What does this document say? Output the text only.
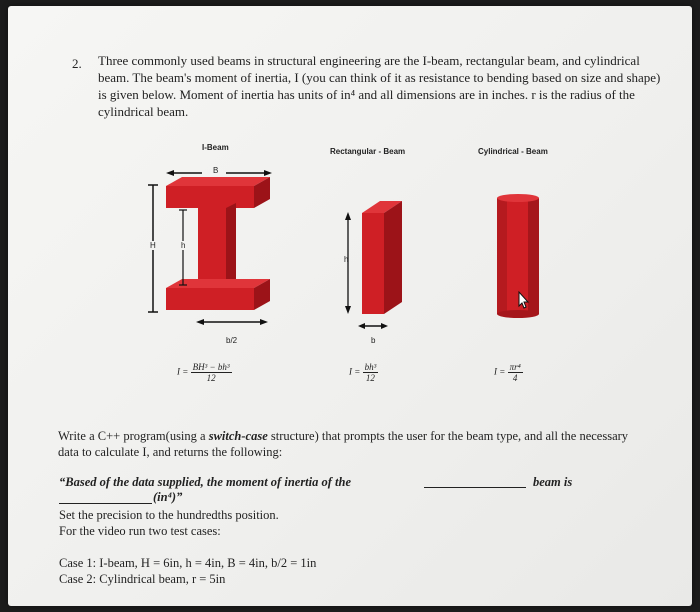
2. Three commonly used beams in structural engineering are the I-beam, rectangular beam, and cylindrical beam. The beam's moment of inertia, I (you can think of it as resistance to bending based on size and shape) is given below. Moment of inertia has units of in⁴ and all dimensions are in inches. r is the radius of the cylindrical beam.
I-Beam	Rectangular - Beam	Cylindrical - Beam
B
H	h
b/2
h
b
$I = \frac{\text{BH³ − bh³}}{12}$	$I = \frac{\text{bh³}}{12}$	$I = \frac{\text{πr⁴}}{4}$
Write a C++ program(using a switch-case structure) that prompts the user for the beam type, and all the necessary data to calculate I, and returns the following:
“Based of the data supplied, the moment of inertia of the	beam is
(in⁴)”
Set the precision to the hundredths position.
For the video run two test cases:
Case 1: I-beam, H = 6in, h = 4in, B = 4in, b/2 = 1in
Case 2: Cylindrical beam, r = 5in
